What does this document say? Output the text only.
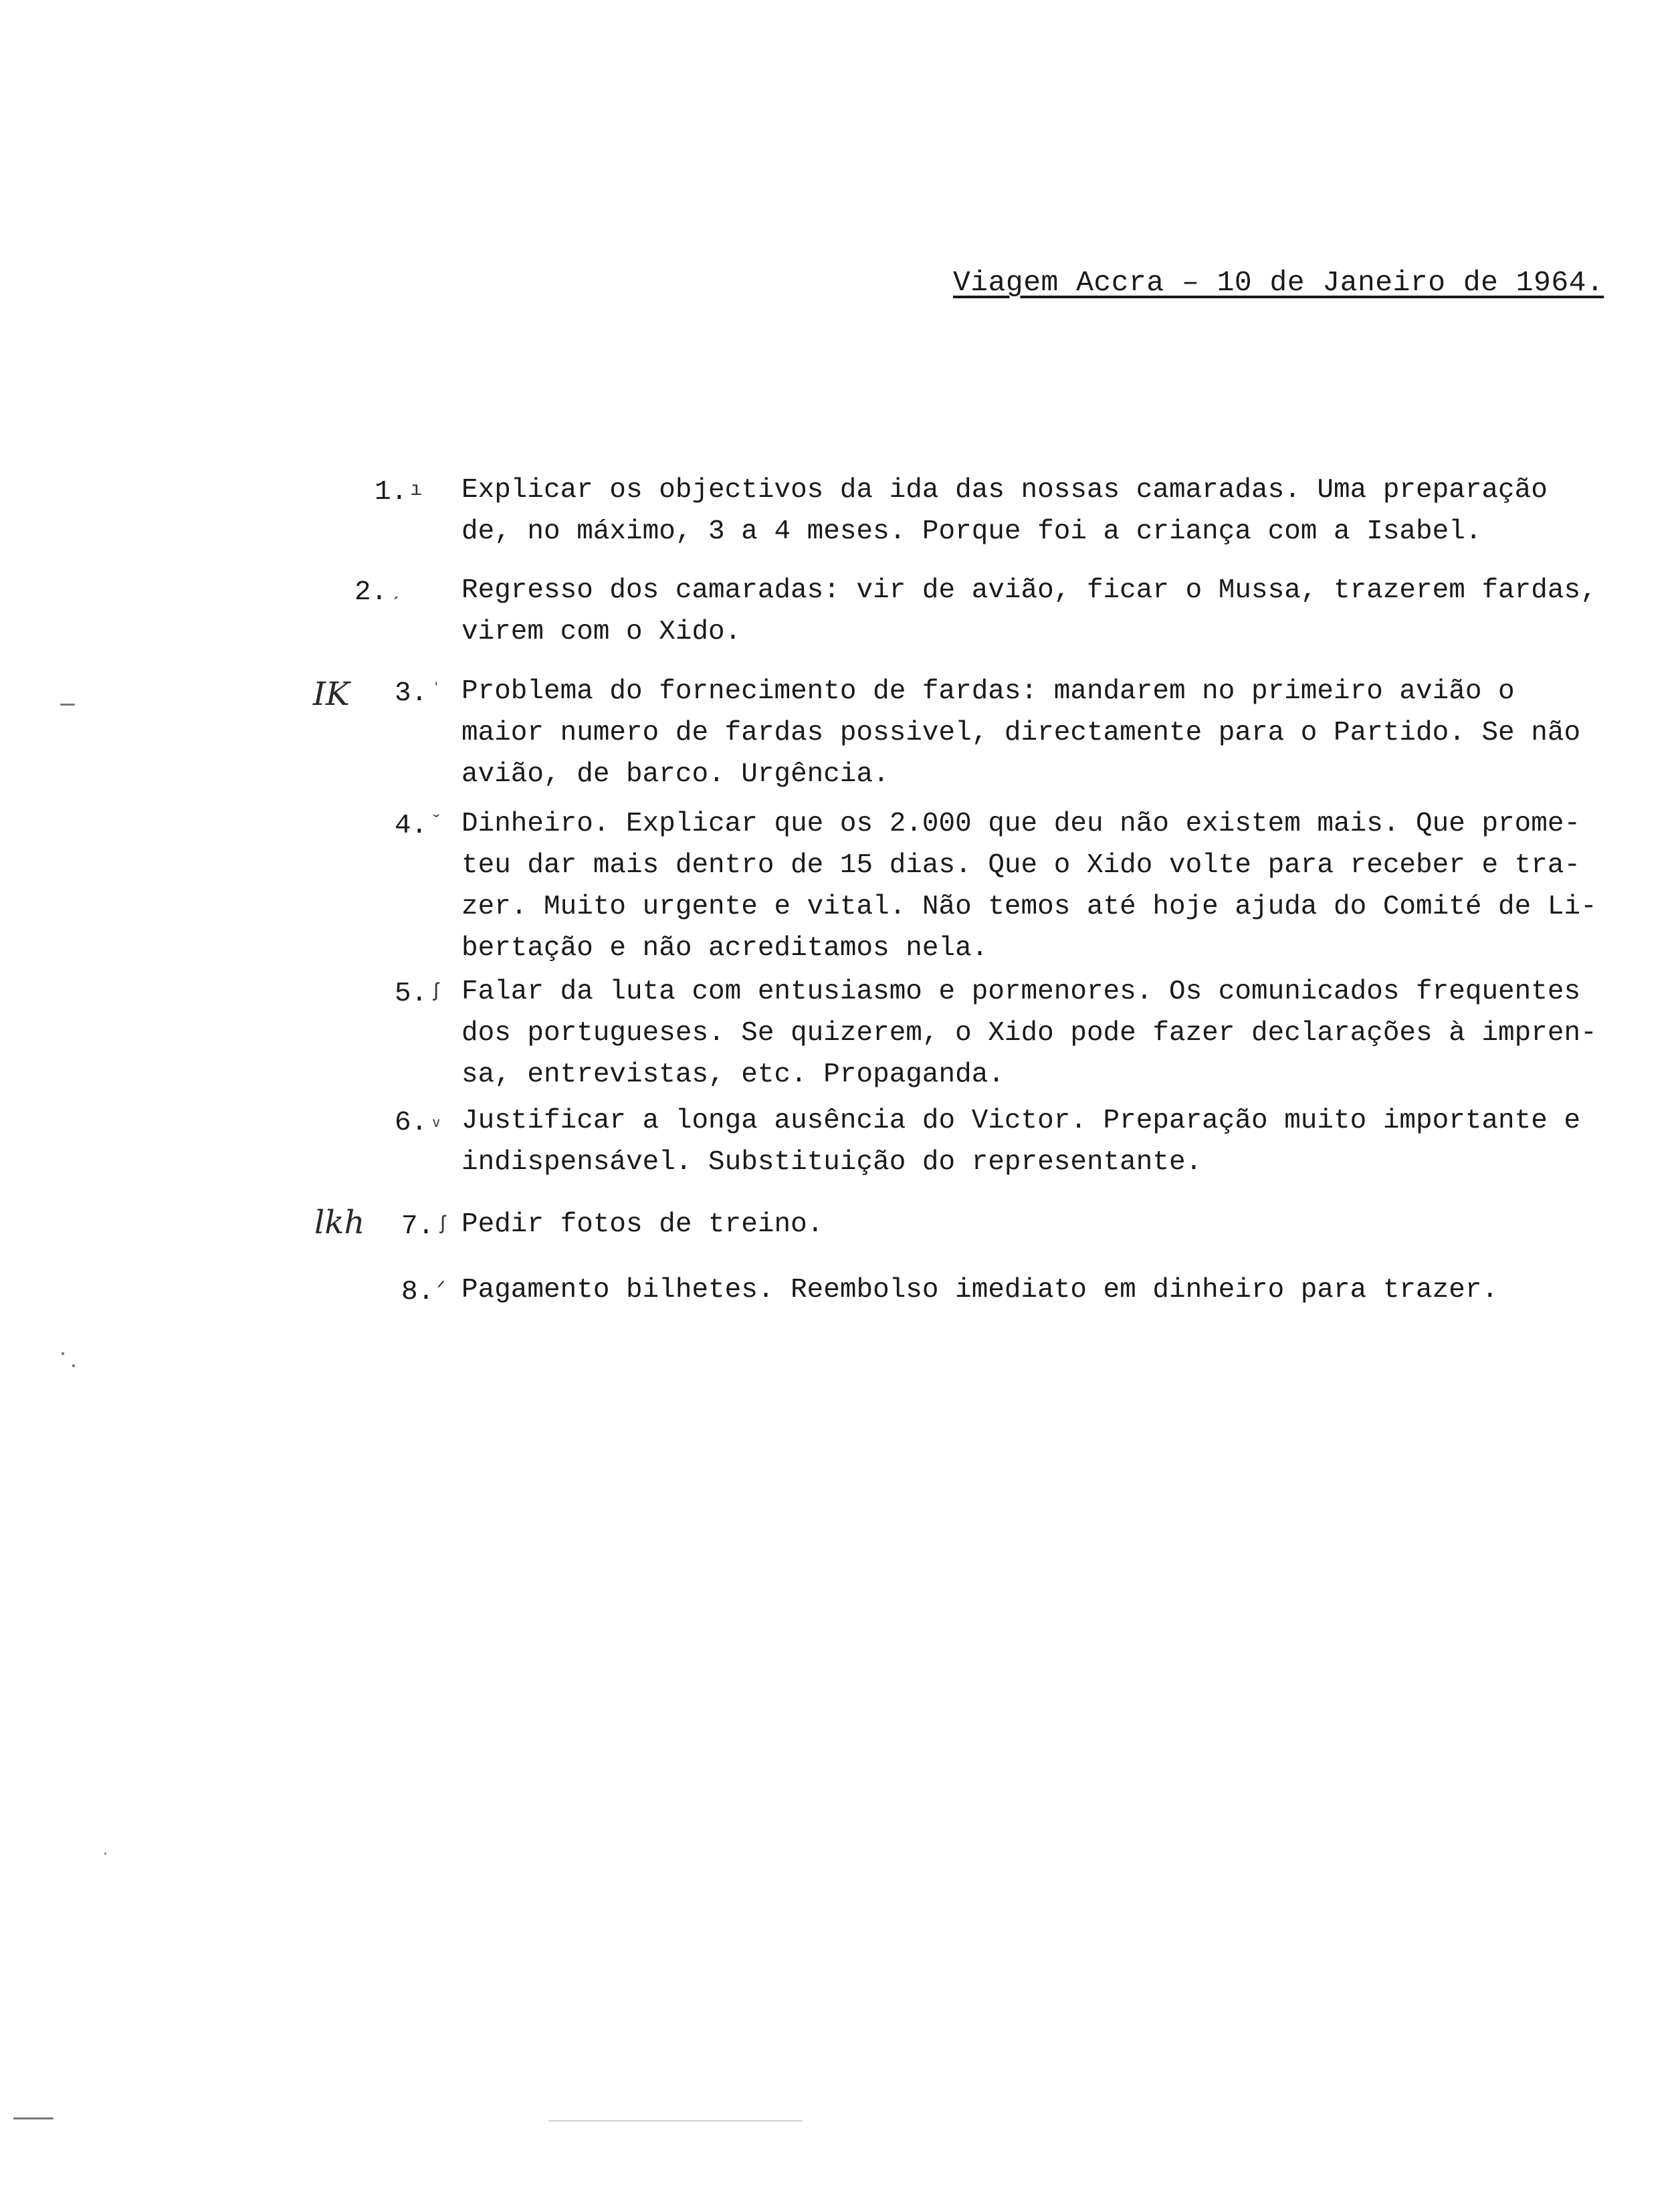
Viagem Accra – 10 de Janeiro de 1964.
1. ı	Explicar os objectivos da ida das nossas camaradas. Uma preparação
de, no máximo, 3 a 4 meses. Porque foi a criança com a Isabel.
2. ˏ	Regresso dos camaradas: vir de avião, ficar o Mussa, trazerem fardas,
virem com o Xido.
3. ˈ Problema do fornecimento de fardas: mandarem no primeiro avião o
maior numero de fardas possivel, directamente para o Partido. Se não
avião, de barco. Urgência.
4. ˇ Dinheiro. Explicar que os 2.000 que deu não existem mais. Que prome-
teu dar mais dentro de 15 dias. Que o Xido volte para receber e tra-
zer. Muito urgente e vital. Não temos até hoje ajuda do Comité de Li-
bertação e não acreditamos nela.
5. ʃ Falar da luta com entusiasmo e pormenores. Os comunicados frequentes
dos portugueses. Se quizerem, o Xido pode fazer declarações à impren-
sa, entrevistas, etc. Propaganda.
6. ᵥ Justificar a longa ausência do Victor. Preparação muito importante e
indispensável. Substituição do representante.
7. ʃ Pedir fotos de treino.
8. ᐟ Pagamento bilhetes. Reembolso imediato em dinheiro para trazer.
IK
lkh
